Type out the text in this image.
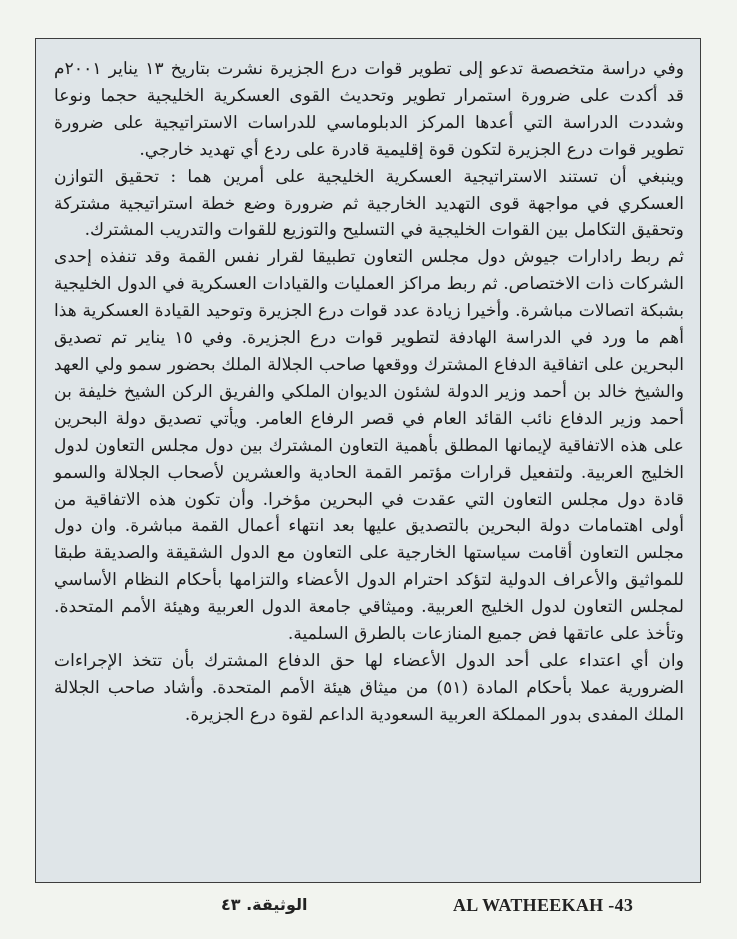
وفي دراسة متخصصة تدعو إلى تطوير قوات درع الجزيرة نشرت بتاريخ ١٣ يناير ٢٠٠١م قد أكدت على ضرورة استمرار تطوير وتحديث القوى العسكرية الخليجية حجما ونوعا وشددت الدراسة التي أعدها المركز الدبلوماسي للدراسات الاستراتيجية على ضرورة تطوير قوات درع الجزيرة لتكون قوة إقليمية قادرة على ردع أي تهديد خارجي.

وينبغي أن تستند الاستراتيجية العسكرية الخليجية على أمرين هما : تحقيق التوازن العسكري في مواجهة قوى التهديد الخارجية ثم ضرورة وضع خطة استراتيجية مشتركة وتحقيق التكامل بين القوات الخليجية في التسليح والتوزيع للقوات والتدريب المشترك.

ثم ربط رادارات جيوش دول مجلس التعاون تطبيقا لقرار نفس القمة وقد تنفذه إحدى الشركات ذات الاختصاص. ثم ربط مراكز العمليات والقيادات العسكرية في الدول الخليجية بشبكة اتصالات مباشرة. وأخيرا زيادة عدد قوات درع الجزيرة وتوحيد القيادة العسكرية هذا أهم ما ورد في الدراسة الهادفة لتطوير قوات درع الجزيرة. وفي ١٥ يناير تم تصديق البحرين على اتفاقية الدفاع المشترك ووقعها صاحب الجلالة الملك بحضور سمو ولي العهد والشيخ خالد بن أحمد وزير الدولة لشئون الديوان الملكي والفريق الركن الشيخ خليفة بن أحمد وزير الدفاع نائب القائد العام في قصر الرفاع العامر. ويأتي تصديق دولة البحرين على هذه الاتفاقية لإيمانها المطلق بأهمية التعاون المشترك بين دول مجلس التعاون لدول الخليج العربية. ولتفعيل قرارات مؤتمر القمة الحادية والعشرين لأصحاب الجلالة والسمو قادة دول مجلس التعاون التي عقدت في البحرين مؤخرا. وأن تكون هذه الاتفاقية من أولى اهتمامات دولة البحرين بالتصديق عليها بعد انتهاء أعمال القمة مباشرة. وان دول مجلس التعاون أقامت سياستها الخارجية على التعاون مع الدول الشقيقة والصديقة طبقا للمواثيق والأعراف الدولية لتؤكد احترام الدول الأعضاء والتزامها بأحكام النظام الأساسي لمجلس التعاون لدول الخليج العربية. وميثاقي جامعة الدول العربية وهيئة الأمم المتحدة. وتأخذ على عاتقها فض جميع المنازعات بالطرق السلمية.

وان أي اعتداء على أحد الدول الأعضاء لها حق الدفاع المشترك بأن تتخذ الإجراءات الضرورية عملا بأحكام المادة (٥١) من ميثاق هيئة الأمم المتحدة. وأشاد صاحب الجلالة الملك المفدى بدور المملكة العربية السعودية الداعم لقوة درع الجزيرة.

الوثيقة. ٤٣	AL WATHEEKAH -43
